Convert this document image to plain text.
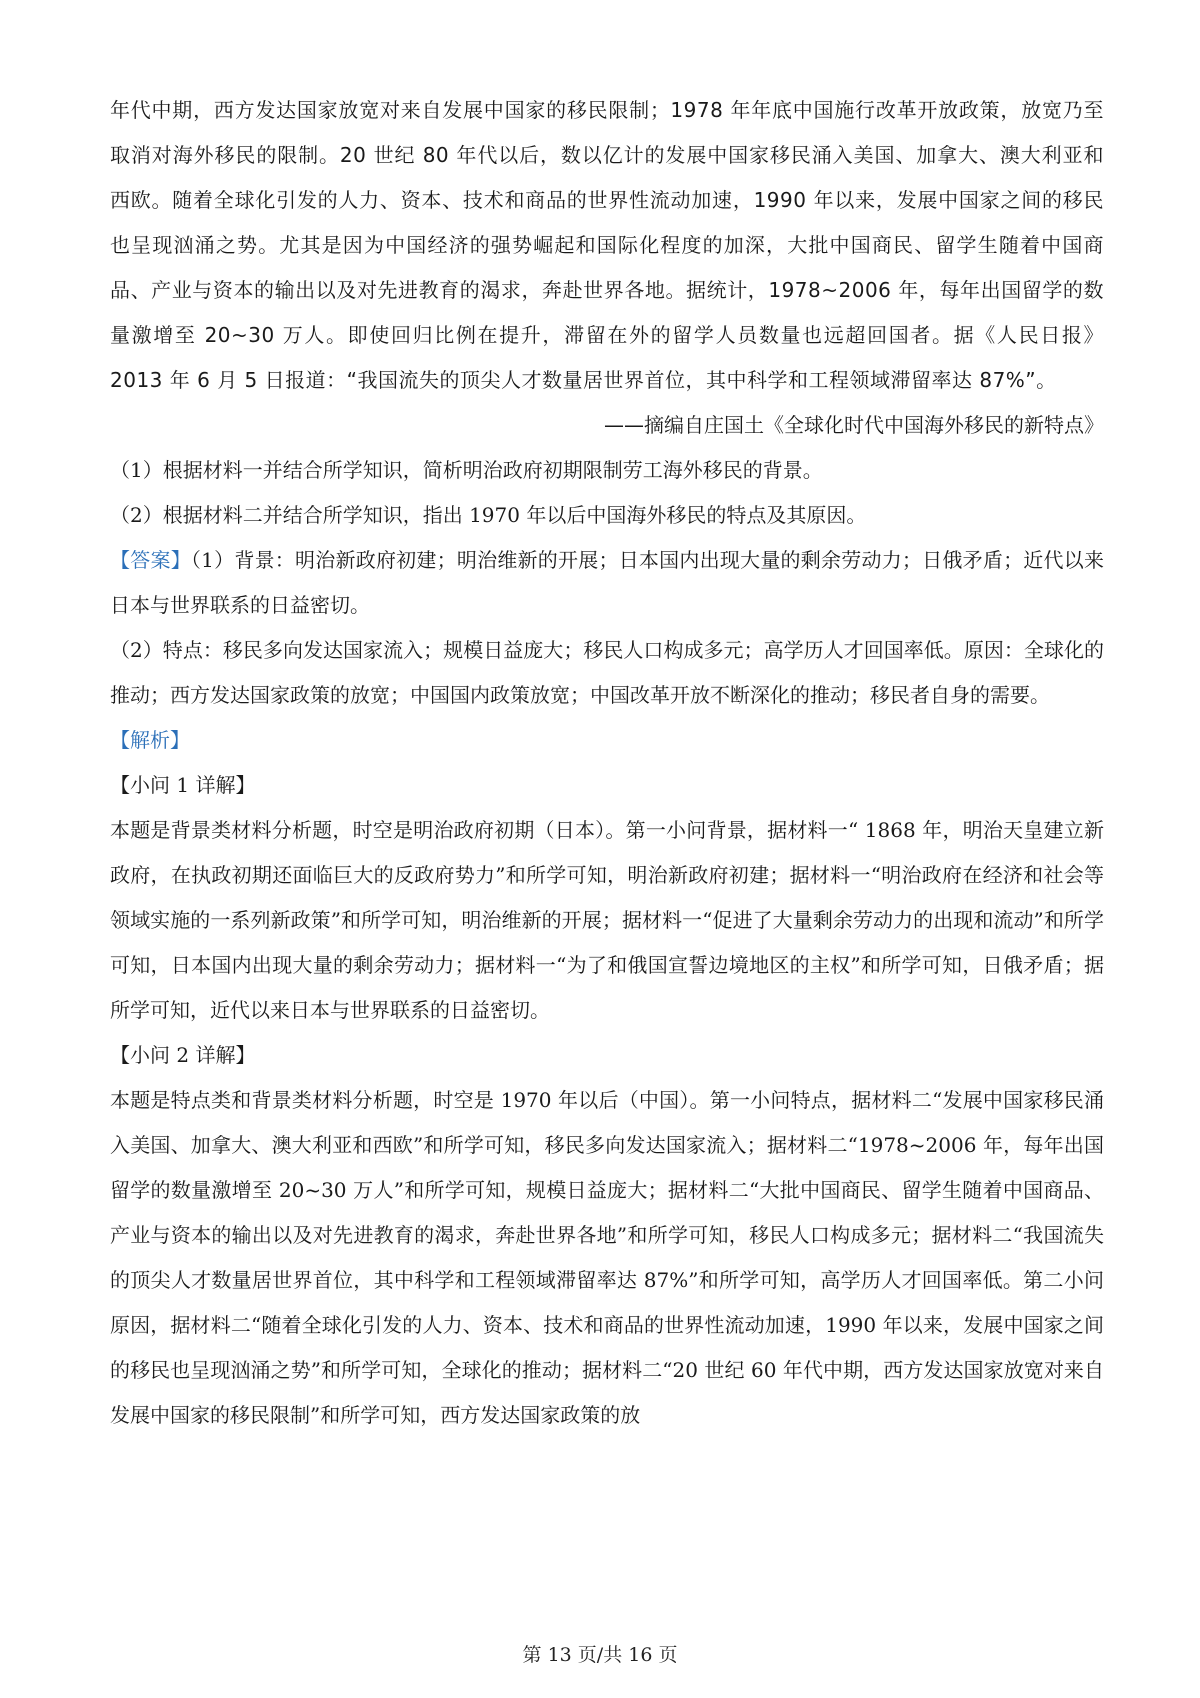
年代中期，西方发达国家放宽对来自发展中国家的移民限制；1978 年年底中国施行改革开放政策，放宽乃至取消对海外移民的限制。20 世纪 80 年代以后，数以亿计的发展中国家移民涌入美国、加拿大、澳大利亚和西欧。随着全球化引发的人力、资本、技术和商品的世界性流动加速，1990 年以来，发展中国家之间的移民也呈现汹涌之势。尤其是因为中国经济的强势崛起和国际化程度的加深，大批中国商民、留学生随着中国商品、产业与资本的输出以及对先进教育的渴求，奔赴世界各地。据统计，1978~2006 年，每年出国留学的数量激增至 20~30 万人。即使回归比例在提升，滞留在外的留学人员数量也远超回国者。据《人民日报》2013 年 6 月 5 日报道：“我国流失的顶尖人才数量居世界首位，其中科学和工程领域滞留率达 87%”。

——摘编自庄国土《全球化时代中国海外移民的新特点》

（1）根据材料一并结合所学知识，简析明治政府初期限制劳工海外移民的背景。

（2）根据材料二并结合所学知识，指出 1970 年以后中国海外移民的特点及其原因。

【答案】（1）背景：明治新政府初建；明治维新的开展；日本国内出现大量的剩余劳动力；日俄矛盾；近代以来日本与世界联系的日益密切。

（2）特点：移民多向发达国家流入；规模日益庞大；移民人口构成多元；高学历人才回国率低。原因：全球化的推动；西方发达国家政策的放宽；中国国内政策放宽；中国改革开放不断深化的推动；移民者自身的需要。

【解析】

【小问 1 详解】

本题是背景类材料分析题，时空是明治政府初期（日本）。第一小问背景，据材料一“ 1868 年，明治天皇建立新政府，在执政初期还面临巨大的反政府势力”和所学可知，明治新政府初建；据材料一“明治政府在经济和社会等领域实施的一系列新政策”和所学可知，明治维新的开展；据材料一“促进了大量剩余劳动力的出现和流动”和所学可知，日本国内出现大量的剩余劳动力；据材料一“为了和俄国宣誓边境地区的主权”和所学可知，日俄矛盾；据所学可知，近代以来日本与世界联系的日益密切。

【小问 2 详解】

本题是特点类和背景类材料分析题，时空是 1970 年以后（中国）。第一小问特点，据材料二“发展中国家移民涌入美国、加拿大、澳大利亚和西欧”和所学可知，移民多向发达国家流入；据材料二“1978~2006 年，每年出国留学的数量激增至 20~30 万人”和所学可知，规模日益庞大；据材料二“大批中国商民、留学生随着中国商品、产业与资本的输出以及对先进教育的渴求，奔赴世界各地”和所学可知，移民人口构成多元；据材料二“我国流失的顶尖人才数量居世界首位，其中科学和工程领域滞留率达 87%”和所学可知，高学历人才回国率低。第二小问原因，据材料二“随着全球化引发的人力、资本、技术和商品的世界性流动加速，1990 年以来，发展中国家之间的移民也呈现汹涌之势”和所学可知，全球化的推动；据材料二“20 世纪 60 年代中期，西方发达国家放宽对来自发展中国家的移民限制”和所学可知，西方发达国家政策的放

第 13 页/共 16 页
